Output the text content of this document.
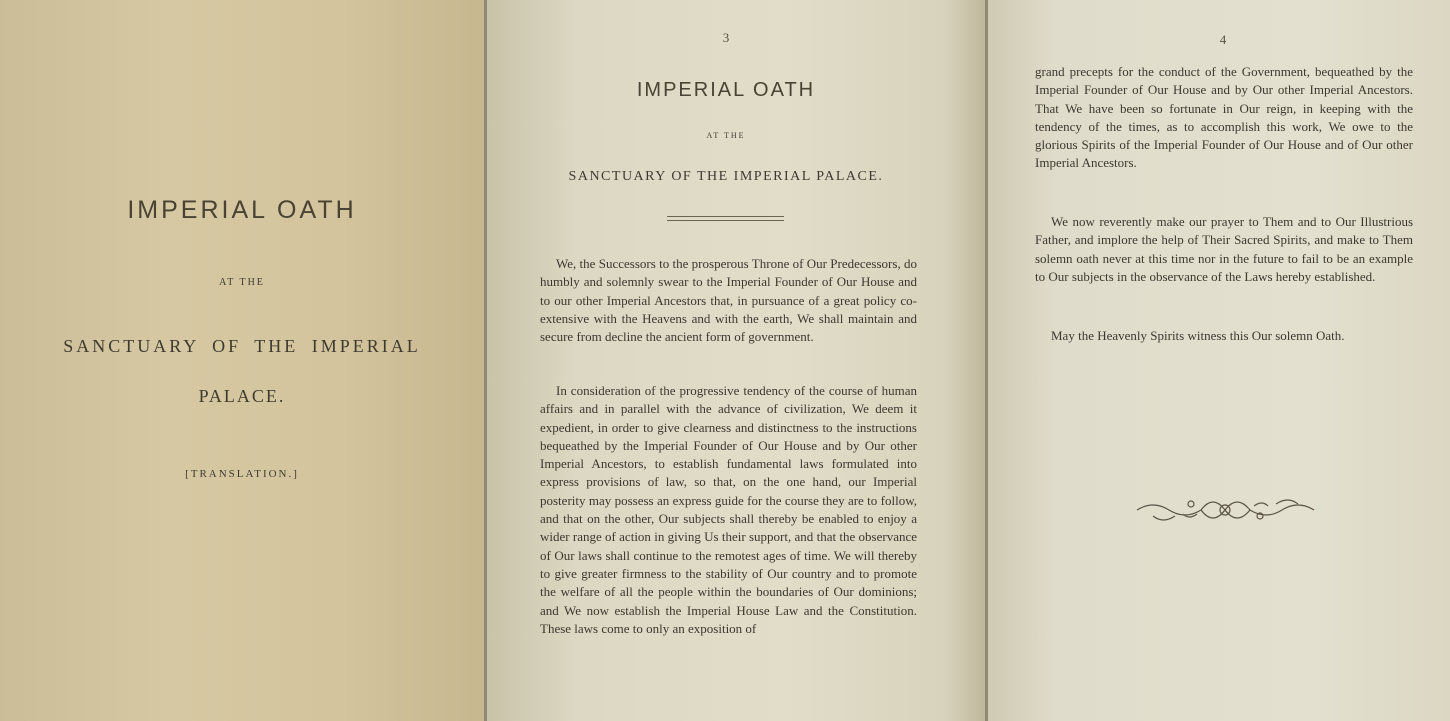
IMPERIAL OATH
AT THE
SANCTUARY OF THE IMPERIAL
PALACE.
[TRANSLATION.]
3
IMPERIAL OATH
AT THE
SANCTUARY OF THE IMPERIAL PALACE.

We, the Successors to the prosperous Throne of Our Predecessors, do humbly and solemnly swear to the Imperial Founder of Our House and to our other Imperial Ancestors that, in pursuance of a great policy co-extensive with the Heavens and with the earth, We shall maintain and secure from decline the ancient form of government.

In consideration of the progressive tendency of the course of human affairs and in parallel with the advance of civilization, We deem it expedient, in order to give clearness and distinctness to the instructions bequeathed by the Imperial Founder of Our House and by Our other Imperial Ancestors, to establish fundamental laws formulated into express provisions of law, so that, on the one hand, our Imperial posterity may possess an express guide for the course they are to follow, and that on the other, Our subjects shall thereby be enabled to enjoy a wider range of action in giving Us their support, and that the observance of Our laws shall continue to the remotest ages of time. We will thereby to give greater firmness to the stability of Our country and to promote the welfare of all the people within the boundaries of Our dominions; and We now establish the Imperial House Law and the Constitution. These laws come to only an exposition of

4

grand precepts for the conduct of the Government, bequeathed by the Imperial Founder of Our House and by Our other Imperial Ancestors. That We have been so fortunate in Our reign, in keeping with the tendency of the times, as to accomplish this work, We owe to the glorious Spirits of the Imperial Founder of Our House and of Our other Imperial Ancestors.

We now reverently make our prayer to Them and to Our Illustrious Father, and implore the help of Their Sacred Spirits, and make to Them solemn oath never at this time nor in the future to fail to be an example to Our subjects in the observance of the Laws hereby established.

May the Heavenly Spirits witness this Our solemn Oath.
